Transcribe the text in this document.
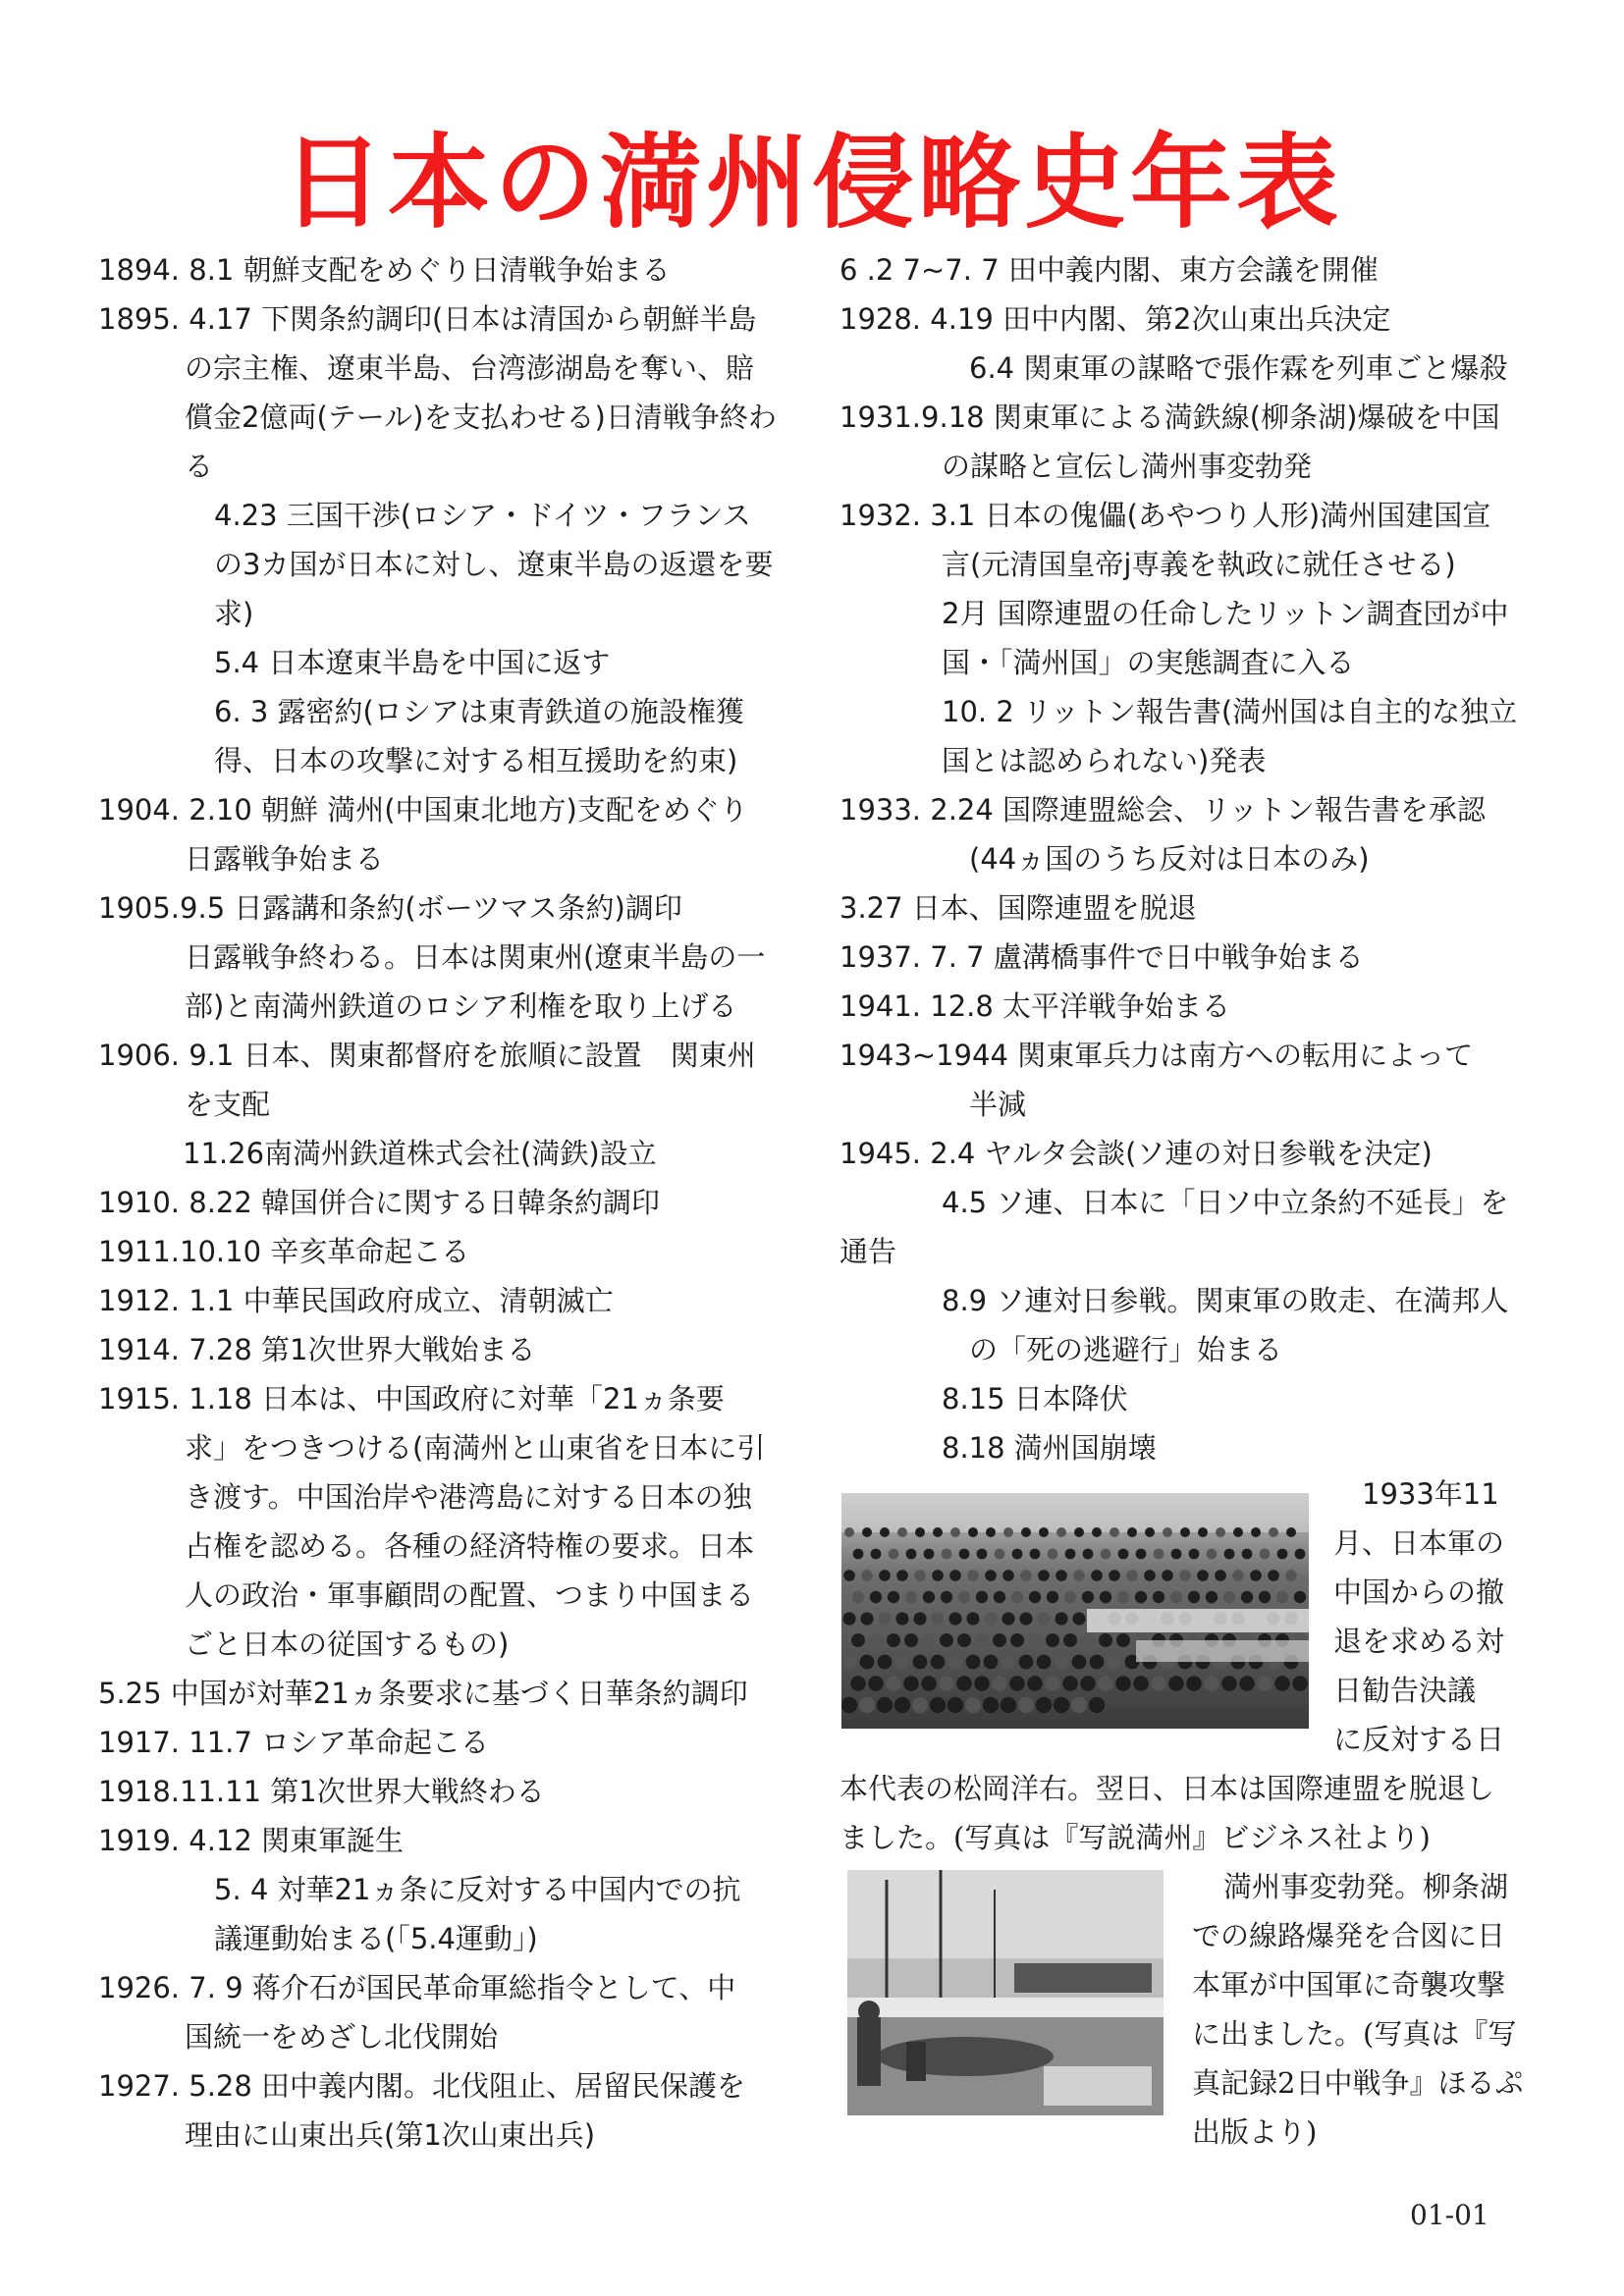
日本の満州侵略史年表
1894. 8.1 朝鮮支配をめぐり日清戦争始まる
1895. 4.17 下関条約調印(日本は清国から朝鮮半島
の宗主権、遼東半島、台湾澎湖島を奪い、賠
償金2億両(テール)を支払わせる)日清戦争終わ
る
4.23 三国干渉(ロシア・ドイツ・フランス
の3カ国が日本に対し、遼東半島の返還を要
求)
5.4 日本遼東半島を中国に返す
6. 3 露密約(ロシアは東青鉄道の施設権獲
得、日本の攻撃に対する相互援助を約束)
1904. 2.10 朝鮮 満州(中国東北地方)支配をめぐり
日露戦争始まる
1905.9.5 日露講和条約(ボーツマス条約)調印
日露戦争終わる。日本は関東州(遼東半島の一
部)と南満州鉄道のロシア利権を取り上げる
1906. 9.1 日本、関東都督府を旅順に設置　関東州
を支配
11.26南満州鉄道株式会社(満鉄)設立
1910. 8.22 韓国併合に関する日韓条約調印
1911.10.10 辛亥革命起こる
1912. 1.1 中華民国政府成立、清朝滅亡
1914. 7.28 第1次世界大戦始まる
1915. 1.18 日本は、中国政府に対華「21ヵ条要
求」をつきつける(南満州と山東省を日本に引
き渡す。中国治岸や港湾島に対する日本の独
占権を認める。各種の経済特権の要求。日本
人の政治・軍事顧問の配置、つまり中国まる
ごと日本の従国するもの)
5.25 中国が対華21ヵ条要求に基づく日華条約調印
1917. 11.7 ロシア革命起こる
1918.11.11 第1次世界大戦終わる
1919. 4.12 関東軍誕生
5. 4 対華21ヵ条に反対する中国内での抗
議運動始まる(「5.4運動」)
1926. 7. 9 蒋介石が国民革命軍総指令として、中
国統一をめざし北伐開始
1927. 5.28 田中義内閣。北伐阻止、居留民保護を
理由に山東出兵(第1次山東出兵)
6 .2 7~7. 7 田中義内閣、東方会議を開催
1928. 4.19 田中内閣、第2次山東出兵決定
6.4 関東軍の謀略で張作霖を列車ごと爆殺
1931.9.18 関東軍による満鉄線(柳条湖)爆破を中国
の謀略と宣伝し満州事変勃発
1932. 3.1 日本の傀儡(あやつり人形)満州国建国宣
言(元清国皇帝j専義を執政に就任させる)
2月 国際連盟の任命したリットン調査団が中
国・「満州国」の実態調査に入る
10. 2 リットン報告書(満州国は自主的な独立
国とは認められない)発表
1933. 2.24 国際連盟総会、リットン報告書を承認
(44ヵ国のうち反対は日本のみ)
3.27 日本、国際連盟を脱退
1937. 7. 7 盧溝橋事件で日中戦争始まる
1941. 12.8 太平洋戦争始まる
1943~1944 関東軍兵力は南方への転用によって
半減
1945. 2.4 ヤルタ会談(ソ連の対日参戦を決定)
4.5 ソ連、日本に「日ソ中立条約不延長」を
通告
8.9 ソ連対日参戦。関東軍の敗走、在満邦人
の「死の逃避行」始まる
8.15 日本降伏
8.18 満州国崩壊
　1933年11
月、日本軍の
中国からの撤
退を求める対
日勧告決議
に反対する日
本代表の松岡洋右。翌日、日本は国際連盟を脱退し
ました。(写真は『写説満州』ビジネス社より)
満州事変勃発。柳条湖
での線路爆発を合図に日
本軍が中国軍に奇襲攻撃
に出ました。(写真は『写
真記録2日中戦争』ほるぷ
出版より)
01-01
